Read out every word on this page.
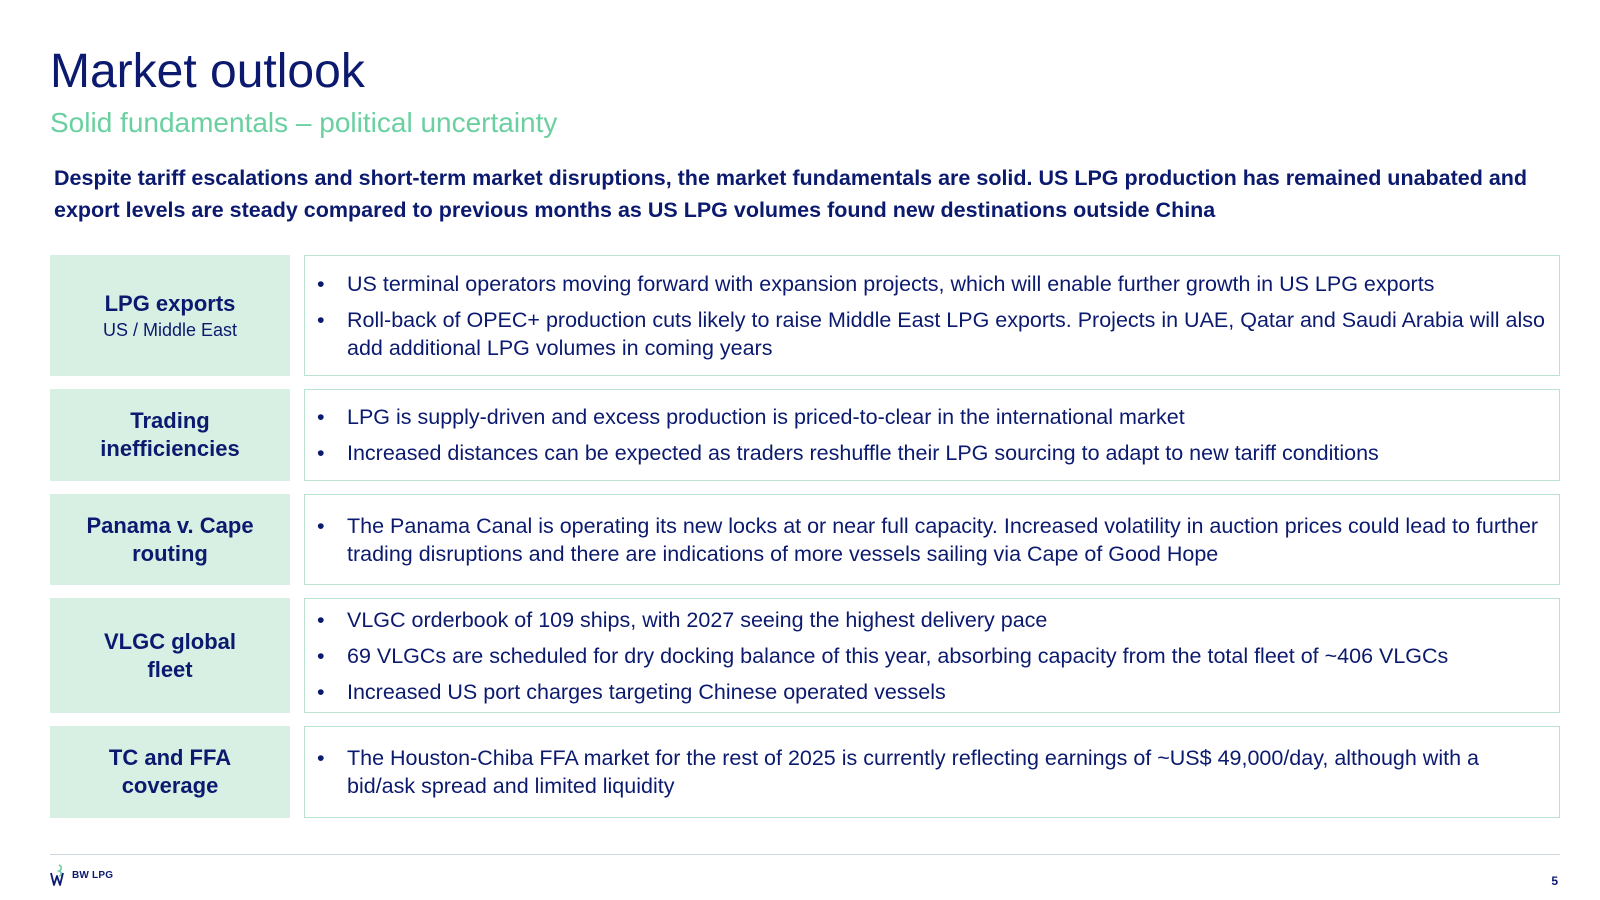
Market outlook
Solid fundamentals – political uncertainty
Despite tariff escalations and short-term market disruptions, the market fundamentals are solid. US LPG production has remained unabated and export levels are steady compared to previous months as US LPG volumes found new destinations outside China
LPG exports
US / Middle East
•	US terminal operators moving forward with expansion projects, which will enable further growth in US LPG exports
•	Roll-back of OPEC+ production cuts likely to raise Middle East LPG exports. Projects in UAE, Qatar and Saudi Arabia will also add additional LPG volumes in coming years
Trading inefficiencies
•	LPG is supply-driven and excess production is priced-to-clear in the international market
•	Increased distances can be expected as traders reshuffle their LPG sourcing to adapt to new tariff conditions
Panama v. Cape routing
•	The Panama Canal is operating its new locks at or near full capacity. Increased volatility in auction prices could lead to further trading disruptions and there are indications of more vessels sailing via Cape of Good Hope
VLGC global fleet
•	VLGC orderbook of 109 ships, with 2027 seeing the highest delivery pace
•	69 VLGCs are scheduled for dry docking balance of this year, absorbing capacity from the total fleet of ~406 VLGCs
•	Increased US port charges targeting Chinese operated vessels
TC and FFA coverage
•	The Houston-Chiba FFA market for the rest of 2025 is currently reflecting earnings of ~US$ 49,000/day, although with a bid/ask spread and limited liquidity
BW LPG	5
